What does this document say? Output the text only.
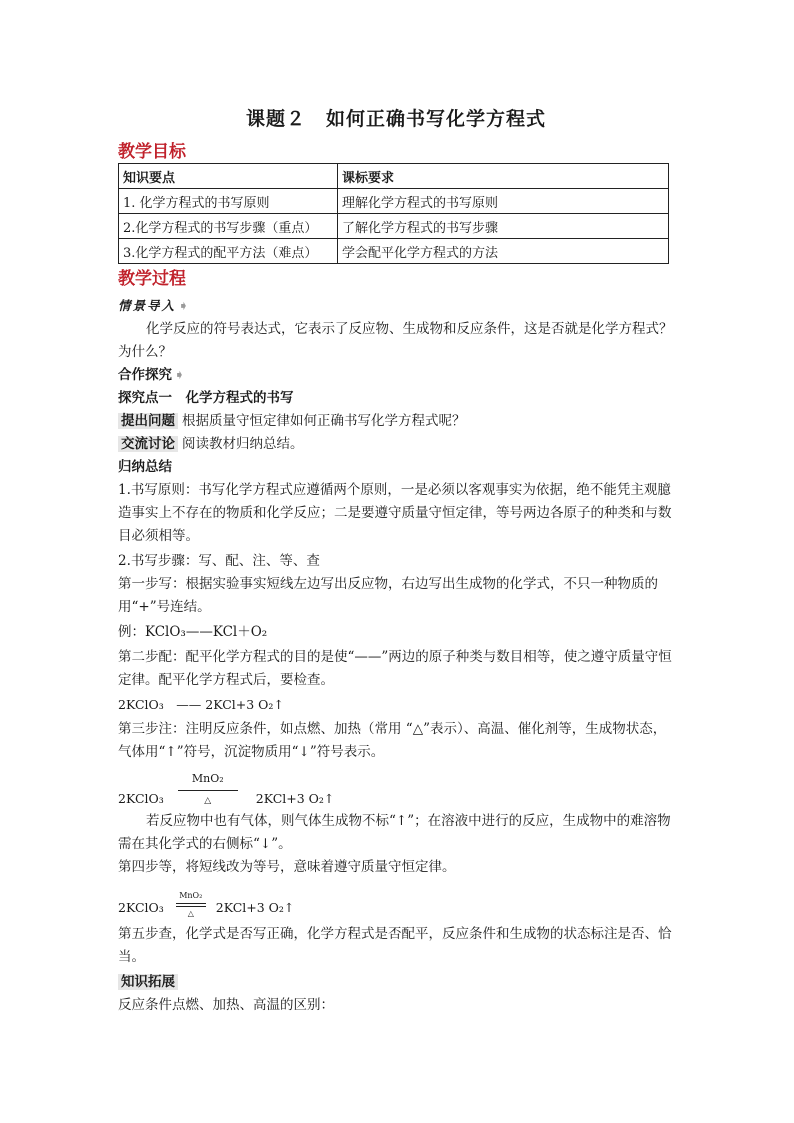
课题２　如何正确书写化学方程式
教学目标
知识要点	课标要求
1. 化学方程式的书写原则	理解化学方程式的书写原则
2.化学方程式的书写步骤（重点）	了解化学方程式的书写步骤
3.化学方程式的配平方法（难点）	学会配平化学方程式的方法
教学过程
情景导入 ➧
化学反应的符号表达式，它表示了反应物、生成物和反应条件，这是否就是化学方程式？为什么？
合作探究 ➧
探究点一　化学方程式的书写
提出问题 根据质量守恒定律如何正确书写化学方程式呢？
交流讨论 阅读教材归纳总结。
归纳总结
1.书写原则：书写化学方程式应遵循两个原则，一是必须以客观事实为依据，绝不能凭主观臆造事实上不存在的物质和化学反应；二是要遵守质量守恒定律，等号两边各原子的种类和与数目必须相等。
2.书写步骤：写、配、注、等、查
第一步写：根据实验事实短线左边写出反应物，右边写出生成物的化学式，不只一种物质的用“+”号连结。
例：KClO₃——KCl＋O₂
第二步配：配平化学方程式的目的是使“——”两边的原子种类与数目相等，使之遵守质量守恒定律。配平化学方程式后，要检查。
2KClO₃　—— 2KCl+3 O₂↑
第三步注：注明反应条件，如点燃、加热（常用 “△”表示）、高温、催化剂等，生成物状态，气体用“↑”符号，沉淀物质用“↓”符号表示。
2KClO₃
MnO₂
△	2KCl+3 O₂↑
若反应物中也有气体，则气体生成物不标“↑”；在溶液中进行的反应，生成物中的难溶物需在其化学式的右侧标“↓”。
第四步等，将短线改为等号，意味着遵守质量守恒定律。
2KClO₃
MnO₂
△	2KCl+3 O₂↑
第五步查，化学式是否写正确，化学方程式是否配平，反应条件和生成物的状态标注是否、恰当。
知识拓展
反应条件点燃、加热、高温的区别：
